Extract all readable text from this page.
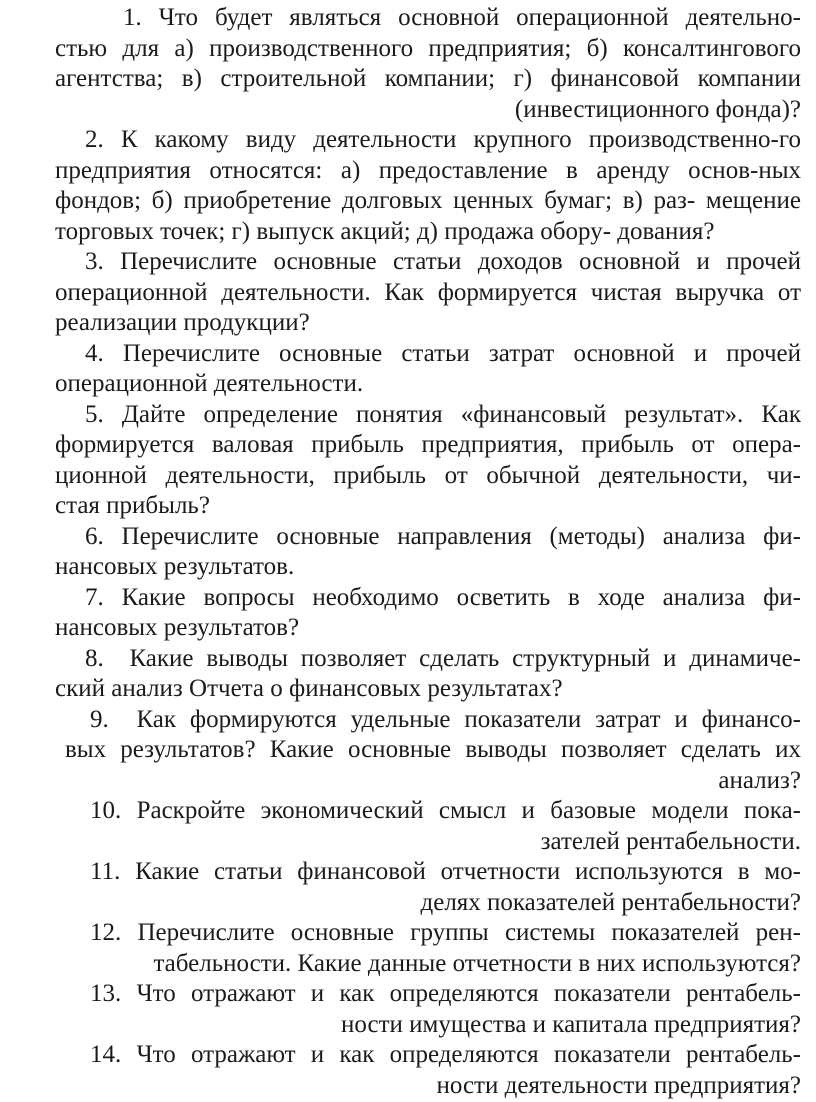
1. Что будет являться основной операционной деятельно-
стью для а) производственного предприятия; б) консалтингового
агентства; в) строительной компании; г) финансовой компании
(инвестиционного фонда)?
2. К какому виду деятельности крупного производственно-го
предприятия относятся: а) предоставление в аренду основ-ных
фондов; б) приобретение долговых ценных бумаг; в) раз- мещение
торговых точек; г) выпуск акций; д) продажа обору- дования?
3. Перечислите основные статьи доходов основной и прочей
операционной деятельности. Как формируется чистая выручка от
реализации продукции?
4. Перечислите основные статьи затрат основной и прочей
операционной деятельности.
5. Дайте определение понятия «финансовый результат». Как
формируется валовая прибыль предприятия, прибыль от опера-
ционной деятельности, прибыль от обычной деятельности, чи-
стая прибыль?
6. Перечислите основные направления (методы) анализа фи-
нансовых результатов.
7. Какие вопросы необходимо осветить в ходе анализа фи-
нансовых результатов?
8.  Какие выводы позволяет сделать структурный и динамиче-
ский анализ Отчета о финансовых результатах?
9.  Как формируются удельные показатели затрат и финансо-
вых результатов? Какие основные выводы позволяет сделать их
анализ?
10. Раскройте экономический смысл и базовые модели пока-
зателей рентабельности.
11. Какие статьи финансовой отчетности используются в мо-
делях показателей рентабельности?
12. Перечислите основные группы системы показателей рен-
табельности. Какие данные отчетности в них используются?
13. Что отражают и как определяются показатели рентабель-
ности имущества и капитала предприятия?
14. Что отражают и как определяются показатели рентабель-
ности деятельности предприятия?
